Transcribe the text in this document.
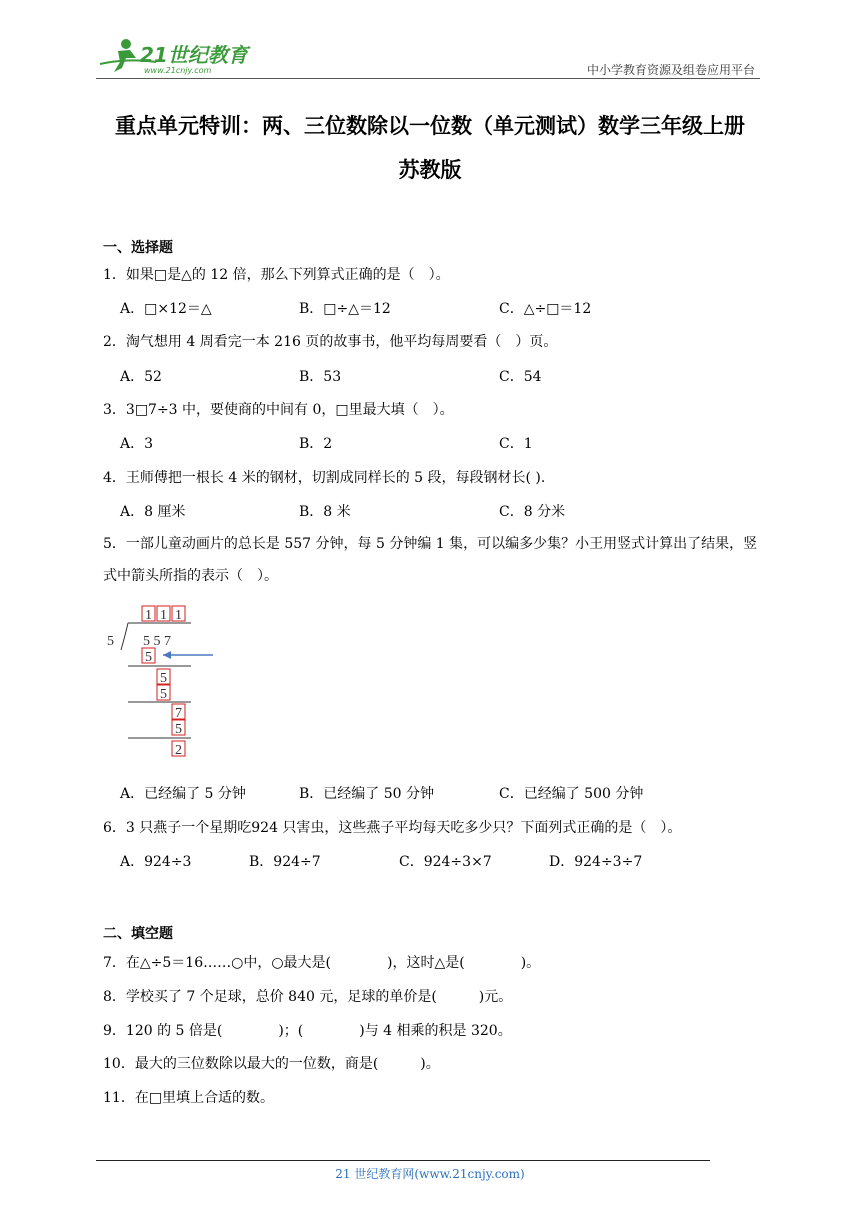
21世纪教育
www.21cnjy.com	中小学教育资源及组卷应用平台
重点单元特训：两、三位数除以一位数（单元测试）数学三年级上册
苏教版
一、选择题
1．如果□是△的 12 倍，那么下列算式正确的是（　）。
A．□×12＝△	B．□÷△＝12	C．△÷□＝12
2．淘气想用 4 周看完一本 216 页的故事书，他平均每周要看（　）页。
A．52	B．53	C．54
3．3□7÷3 中，要使商的中间有 0，□里最大填（　）。
A．3	B．2	C．1
4．王师傅把一根长 4 米的钢材，切割成同样长的 5 段，每段钢材长( ).
A．8 厘米	B．8 米	C．8 分米
5．一部儿童动画片的总长是 557 分钟，每 5 分钟编 1 集，可以编多少集？小王用竖式计算出了结果，竖式中箭头所指的表示（　）。
1 1 1
5 5 5 7
5
5
5
7
5
2
A．已经编了 5 分钟	B．已经编了 50 分钟	C．已经编了 500 分钟
6．3 只燕子一个星期吃924 只害虫，这些燕子平均每天吃多少只？下面列式正确的是（　）。
A．924÷3	B．924÷7	C．924÷3×7	D．924÷3÷7
二、填空题
7．在△÷5＝16……○中，○最大是(　　　　)，这时△是(　　　　)。
8．学校买了 7 个足球，总价 840 元，足球的单价是(　　　)元。
9．120 的 5 倍是(　　　　)；(　　　　)与 4 相乘的积是 320。
10．最大的三位数除以最大的一位数，商是(　　　)。
11．在□里填上合适的数。
21 世纪教育网(www.21cnjy.com)
